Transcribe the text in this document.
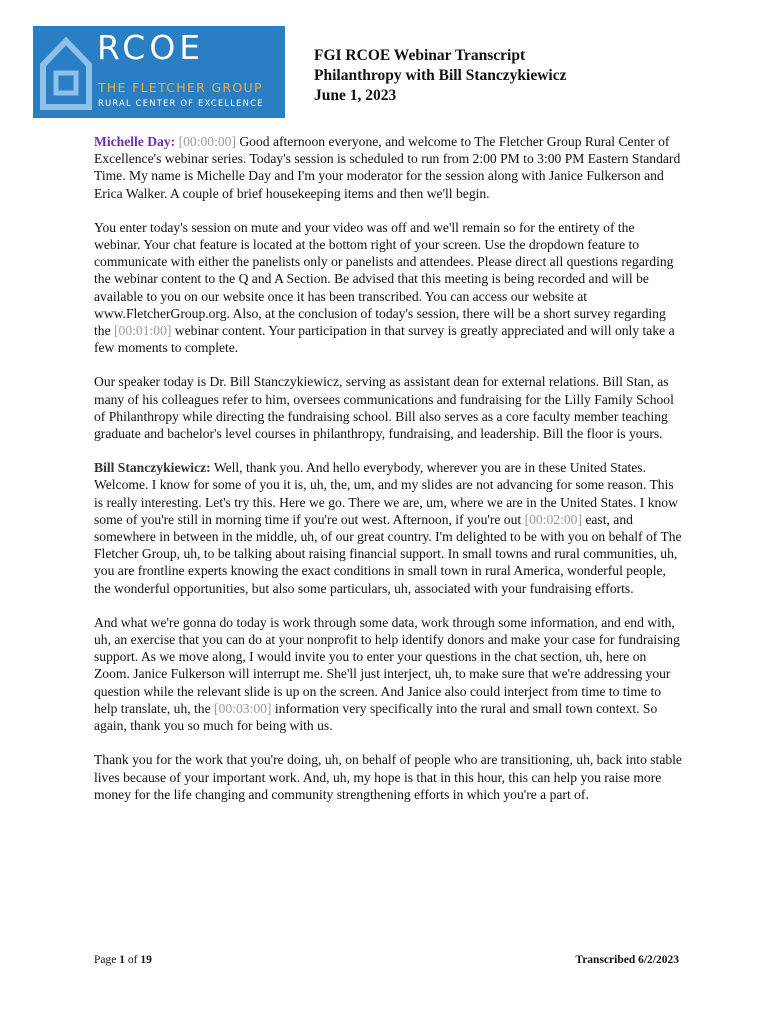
RCOE
THE FLETCHER GROUP
RURAL CENTER OF EXCELLENCE
FGI RCOE Webinar Transcript
Philanthropy with Bill Stanczykiewicz
June 1, 2023

Michelle Day: [00:00:00] Good afternoon everyone, and welcome to The Fletcher Group Rural Center of Excellence's webinar series. Today's session is scheduled to run from 2:00 PM to 3:00 PM Eastern Standard Time. My name is Michelle Day and I'm your moderator for the session along with Janice Fulkerson and Erica Walker. A couple of brief housekeeping items and then we'll begin.

You enter today's session on mute and your video was off and we'll remain so for the entirety of the webinar. Your chat feature is located at the bottom right of your screen. Use the dropdown feature to communicate with either the panelists only or panelists and attendees. Please direct all questions regarding the webinar content to the Q and A Section. Be advised that this meeting is being recorded and will be available to you on our website once it has been transcribed. You can access our website at www.FletcherGroup.org. Also, at the conclusion of today's session, there will be a short survey regarding the [00:01:00] webinar content. Your participation in that survey is greatly appreciated and will only take a few moments to complete.

Our speaker today is Dr. Bill Stanczykiewicz, serving as assistant dean for external relations. Bill Stan, as many of his colleagues refer to him, oversees communications and fundraising for the Lilly Family School of Philanthropy while directing the fundraising school. Bill also serves as a core faculty member teaching graduate and bachelor's level courses in philanthropy, fundraising, and leadership. Bill the floor is yours.

Bill Stanczykiewicz: Well, thank you. And hello everybody, wherever you are in these United States. Welcome. I know for some of you it is, uh, the, um, and my slides are not advancing for some reason. This is really interesting. Let's try this. Here we go. There we are, um, where we are in the United States. I know some of you're still in morning time if you're out west. Afternoon, if you're out [00:02:00] east, and somewhere in between in the middle, uh, of our great country. I'm delighted to be with you on behalf of The Fletcher Group, uh, to be talking about raising financial support. In small towns and rural communities, uh, you are frontline experts knowing the exact conditions in small town in rural America, wonderful people, the wonderful opportunities, but also some particulars, uh, associated with your fundraising efforts.

And what we're gonna do today is work through some data, work through some information, and end with, uh, an exercise that you can do at your nonprofit to help identify donors and make your case for fundraising support. As we move along, I would invite you to enter your questions in the chat section, uh, here on Zoom. Janice Fulkerson will interrupt me. She'll just interject, uh, to make sure that we're addressing your question while the relevant slide is up on the screen. And Janice also could interject from time to time to help translate, uh, the [00:03:00] information very specifically into the rural and small town context. So again, thank you so much for being with us.

Thank you for the work that you're doing, uh, on behalf of people who are transitioning, uh, back into stable lives because of your important work. And, uh, my hope is that in this hour, this can help you raise more money for the life changing and community strengthening efforts in which you're a part of.

Page 1 of 19	Transcribed 6/2/2023
